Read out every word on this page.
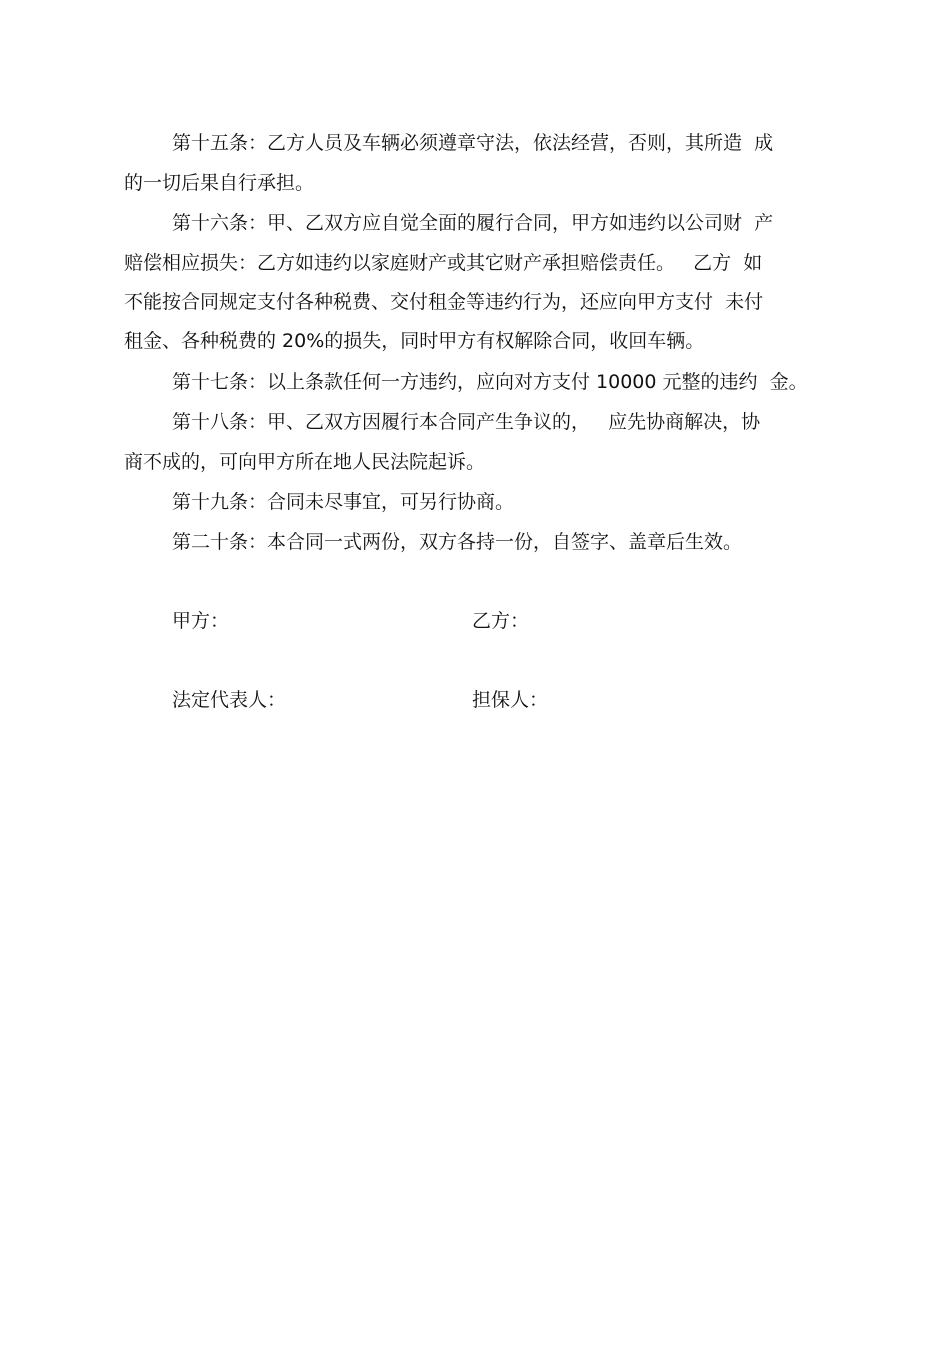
第十五条：乙方人员及车辆必须遵章守法，依法经营，否则，其所造  成
的一切后果自行承担。
第十六条：甲、乙双方应自觉全面的履行合同，甲方如违约以公司财  产
赔偿相应损失：乙方如违约以家庭财产或其它财产承担赔偿责任。   乙方  如
不能按合同规定支付各种税费、交付租金等违约行为，还应向甲方支付  未付
租金、各种税费的 20%的损失，同时甲方有权解除合同，收回车辆。
第十七条：以上条款任何一方违约，应向对方支付 10000 元整的违约  金。
第十八条：甲、乙双方因履行本合同产生争议的，   应先协商解决，协
商不成的，可向甲方所在地人民法院起诉。
第十九条：合同未尽事宜，可另行协商。
第二十条：本合同一式两份，双方各持一份，自签字、盖章后生效。
甲方：	乙方：
法定代表人：	担保人：
